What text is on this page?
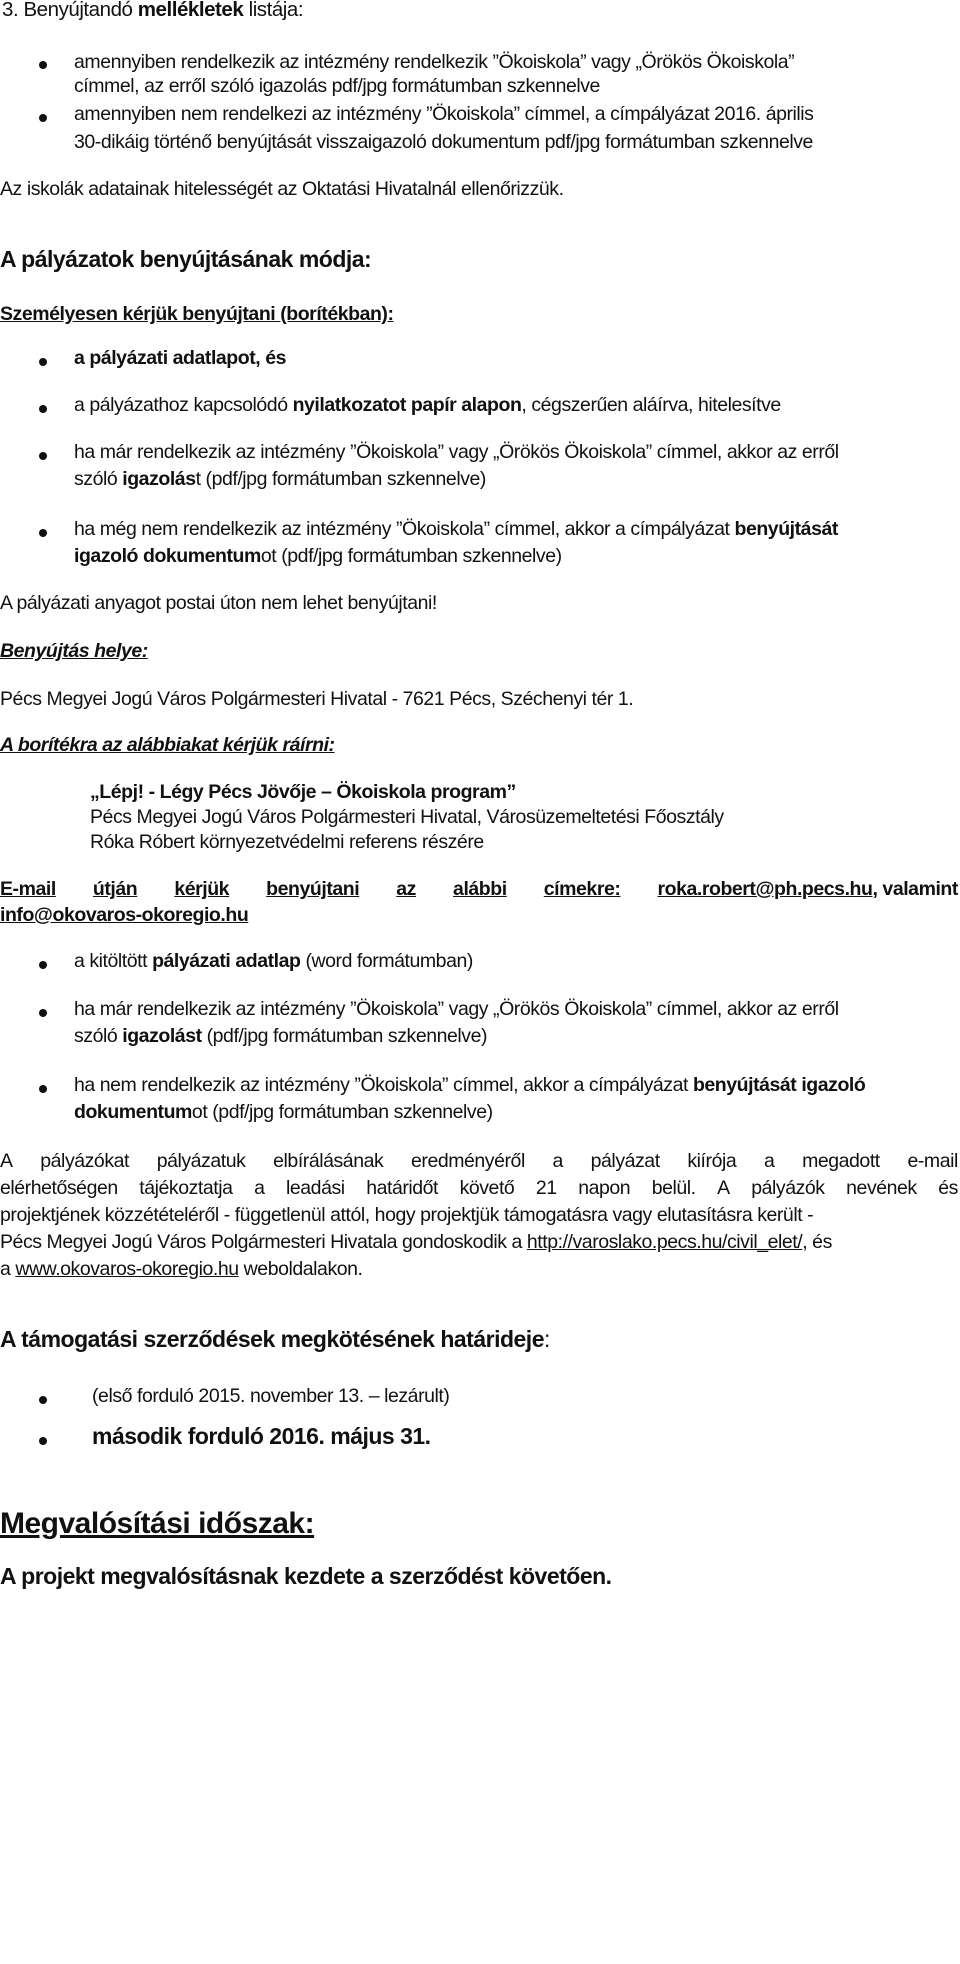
3. Benyújtandó mellékletek listája:

amennyiben rendelkezik az intézmény rendelkezik ”Ökoiskola” vagy „Örökös Ökoiskola”

címmel, az erről szóló igazolás pdf/jpg formátumban szkennelve

amennyiben nem rendelkezi az intézmény ”Ökoiskola” címmel, a címpályázat 2016. április

30-dikáig történő benyújtását visszaigazoló dokumentum pdf/jpg formátumban szkennelve

Az iskolák adatainak hitelességét az Oktatási Hivatalnál ellenőrizzük.

A pályázatok benyújtásának módja:

Személyesen kérjük benyújtani (borítékban):

a pályázati adatlapot, és

a pályázathoz kapcsolódó nyilatkozatot papír alapon, cégszerűen aláírva, hitelesítve

ha már rendelkezik az intézmény ”Ökoiskola” vagy „Örökös Ökoiskola” címmel, akkor az erről

szóló igazolást (pdf/jpg formátumban szkennelve)

ha még nem rendelkezik az intézmény ”Ökoiskola” címmel, akkor a címpályázat benyújtását

igazoló dokumentumot (pdf/jpg formátumban szkennelve)

A pályázati anyagot postai úton nem lehet benyújtani!

Benyújtás helye:

Pécs Megyei Jogú Város Polgármesteri Hivatal - 7621 Pécs, Széchenyi tér 1.

A borítékra az alábbiakat kérjük ráírni:

„Lépj! - Légy Pécs Jövője – Ökoiskola program”

Pécs Megyei Jogú Város Polgármesteri Hivatal, Városüzemeltetési Főosztály

Róka Róbert környezetvédelmi referens részére

E-mail útján kérjük benyújtani az alábbi címekre: roka.robert@ph.pecs.hu, valamint

info@okovaros-okoregio.hu

a kitöltött pályázati adatlap (word formátumban)

ha már rendelkezik az intézmény ”Ökoiskola” vagy „Örökös Ökoiskola” címmel, akkor az erről

szóló igazolást (pdf/jpg formátumban szkennelve)

ha nem rendelkezik az intézmény ”Ökoiskola” címmel, akkor a címpályázat benyújtását igazoló

dokumentumot (pdf/jpg formátumban szkennelve)

A pályázókat pályázatuk elbírálásának eredményéről a pályázat kiírója a megadott e-mail
elérhetőségen tájékoztatja a leadási határidőt követő 21 napon belül. A pályázók nevének és

projektjének közzétételéről - függetlenül attól, hogy projektjük támogatásra vagy elutasításra került -

Pécs Megyei Jogú Város Polgármesteri Hivatala gondoskodik a http://varoslako.pecs.hu/civil_elet/, és

a www.okovaros-okoregio.hu weboldalakon.

A támogatási szerződések megkötésének határideje:

(első forduló 2015. november 13. – lezárult)

második forduló 2016. május 31.

Megvalósítási időszak:

A projekt megvalósításnak kezdete a szerződést követően.
